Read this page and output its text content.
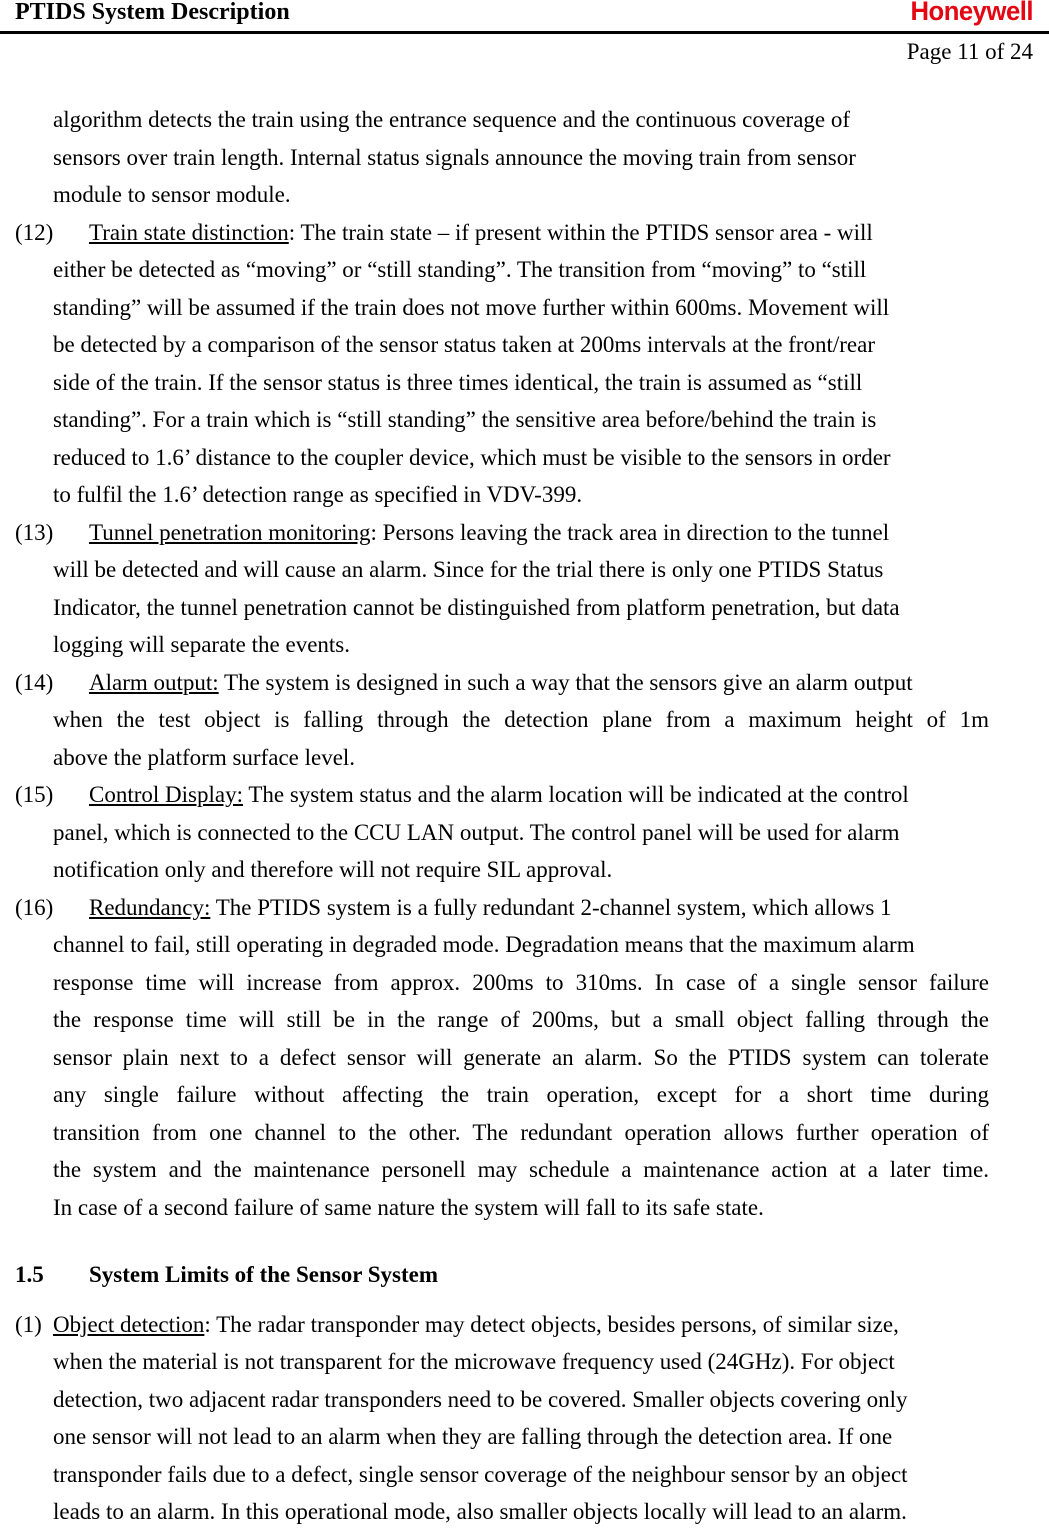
PTIDS System Description	Honeywell
Page 11 of 24
algorithm detects the train using the entrance sequence and the continuous coverage of
sensors over train length. Internal status signals announce the moving train from sensor
module to sensor module.
(12) Train state distinction: The train state – if present within the PTIDS sensor area - will
either be detected as “moving” or “still standing”. The transition from “moving” to “still
standing” will be assumed if the train does not move further within 600ms. Movement will
be detected by a comparison of the sensor status taken at 200ms intervals at the front/rear
side of the train. If the sensor status is three times identical, the train is assumed as “still
standing”. For a train which is “still standing” the sensitive area before/behind the train is
reduced to 1.6’ distance to the coupler device, which must be visible to the sensors in order
to fulfil the 1.6’ detection range as specified in VDV-399.
(13) Tunnel penetration monitoring: Persons leaving the track area in direction to the tunnel
will be detected and will cause an alarm. Since for the trial there is only one PTIDS Status
Indicator, the tunnel penetration cannot be distinguished from platform penetration, but data
logging will separate the events.
(14) Alarm output: The system is designed in such a way that the sensors give an alarm output
when the test object is falling through the detection plane from a maximum height of 1m
above the platform surface level.
(15) Control Display: The system status and the alarm location will be indicated at the control
panel, which is connected to the CCU LAN output. The control panel will be used for alarm
notification only and therefore will not require SIL approval.
(16) Redundancy: The PTIDS system is a fully redundant 2-channel system, which allows 1
channel to fail, still operating in degraded mode. Degradation means that the maximum alarm
response time will increase from approx. 200ms to 310ms. In case of a single sensor failure
the response time will still be in the range of 200ms, but a small object falling through the
sensor plain next to a defect sensor will generate an alarm. So the PTIDS system can tolerate
any single failure without affecting the train operation, except for a short time during
transition from one channel to the other. The redundant operation allows further operation of
the system and the maintenance personell may schedule a maintenance action at a later time.
In case of a second failure of same nature the system will fall to its safe state.
1.5 System Limits of the Sensor System
(1) Object detection: The radar transponder may detect objects, besides persons, of similar size,
when the material is not transparent for the microwave frequency used (24GHz). For object
detection, two adjacent radar transponders need to be covered. Smaller objects covering only
one sensor will not lead to an alarm when they are falling through the detection area. If one
transponder fails due to a defect, single sensor coverage of the neighbour sensor by an object
leads to an alarm. In this operational mode, also smaller objects locally will lead to an alarm.
